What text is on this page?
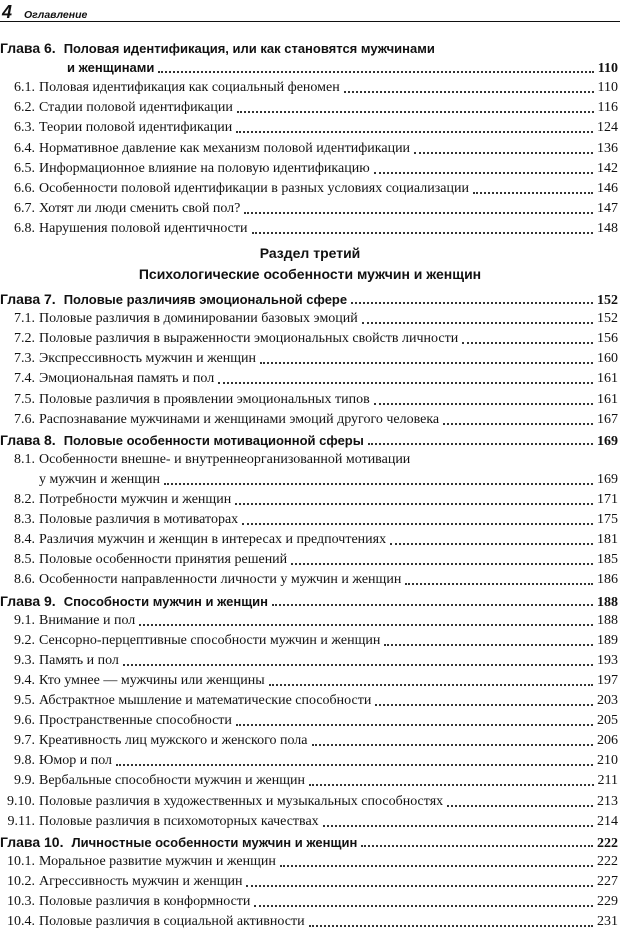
4 Оглавление
Глава 6. Половая идентификация, или как становятся мужчинами
и женщинами	110
6.1. Половая идентификация как социальный феномен	110
6.2. Стадии половой идентификации	116
6.3. Теории половой идентификации	124
6.4. Нормативное давление как механизм половой идентификации	136
6.5. Информационное влияние на половую идентификацию	142
6.6. Особенности половой идентификации в разных условиях социализации	146
6.7. Хотят ли люди сменить свой пол?	147
6.8. Нарушения половой идентичности	148
Раздел третий
Психологические особенности мужчин и женщин
Глава 7. Половые различияв эмоциональной сфере	152
7.1. Половые различия в доминировании базовых эмоций	152
7.2. Половые различия в выраженности эмоциональных свойств личности	156
7.3. Экспрессивность мужчин и женщин	160
7.4. Эмоциональная память и пол	161
7.5. Половые различия в проявлении эмоциональных типов	161
7.6. Распознавание мужчинами и женщинами эмоций другого человека	167
Глава 8. Половые особенности мотивационной сферы	169
8.1. Особенности внешне- и внутреннеорганизованной мотивации
у мужчин и женщин	169
8.2. Потребности мужчин и женщин	171
8.3. Половые различия в мотиваторах	175
8.4. Различия мужчин и женщин в интересах и предпочтениях	181
8.5. Половые особенности принятия решений	185
8.6. Особенности направленности личности у мужчин и женщин	186
Глава 9. Способности мужчин и женщин	188
9.1. Внимание и пол	188
9.2. Сенсорно-перцептивные способности мужчин и женщин	189
9.3. Память и пол	193
9.4. Кто умнее — мужчины или женщины	197
9.5. Абстрактное мышление и математические способности	203
9.6. Пространственные способности	205
9.7. Креативность лиц мужского и женского пола	206
9.8. Юмор и пол	210
9.9. Вербальные способности мужчин и женщин	211
9.10. Половые различия в художественных и музыкальных способностях	213
9.11. Половые различия в психомоторных качествах	214
Глава 10. Личностные особенности мужчин и женщин	222
10.1. Моральное развитие мужчин и женщин	222
10.2. Агрессивность мужчин и женщин	227
10.3. Половые различия в конформности	229
10.4. Половые различия в социальной активности	231
